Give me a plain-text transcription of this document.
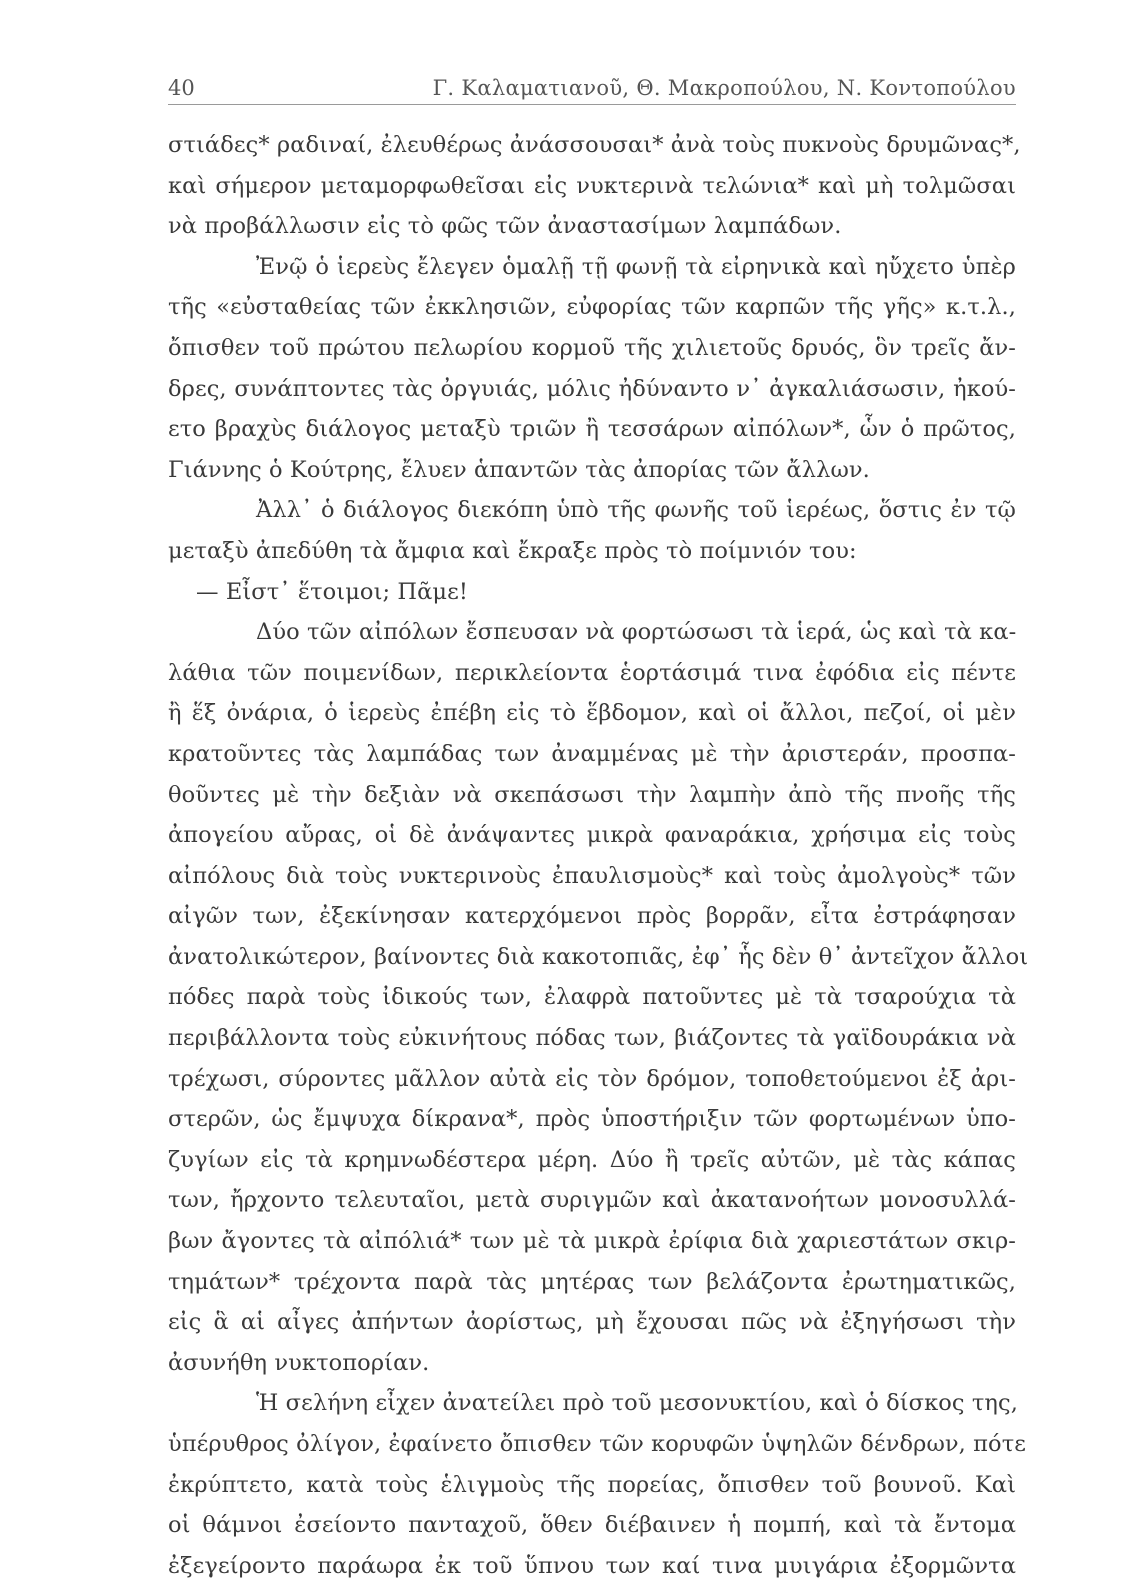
40	Γ. Καλαματιανοῦ, Θ. Μακροπούλου, Ν. Κοντοπούλου
στιάδες* ραδιναί, ἐλευθέρως ἀνάσσουσαι* ἀνὰ τοὺς πυκνοὺς δρυμῶνας*,
καὶ σήμερον μεταμορφωθεῖσαι εἰς νυκτερινὰ τελώνια* καὶ μὴ τολμῶσαι
νὰ προβάλλωσιν εἰς τὸ φῶς τῶν ἀναστασίμων λαμπάδων.
Ἐνῷ ὁ ἱερεὺς ἔλεγεν ὁμαλῇ τῇ φωνῇ τὰ εἰρηνικὰ καὶ ηὔχετο ὑπὲρ
τῆς «εὐσταθείας τῶν ἐκκλησιῶν, εὐφορίας τῶν καρπῶν τῆς γῆς» κ.τ.λ.,
ὄπισθεν τοῦ πρώτου πελωρίου κορμοῦ τῆς χιλιετοῦς δρυός, ὃν τρεῖς ἄν-
δρες, συνάπτοντες τὰς ὀργυιάς, μόλις ἠδύναντο ν᾽ ἀγκαλιάσωσιν, ἠκού-
ετο βραχὺς διάλογος μεταξὺ τριῶν ἢ τεσσάρων αἰπόλων*, ὧν ὁ πρῶτος,
Γιάννης ὁ Κούτρης, ἔλυεν ἁπαντῶν τὰς ἀπορίας τῶν ἄλλων.
Ἀλλ᾽ ὁ διάλογος διεκόπη ὑπὸ τῆς φωνῆς τοῦ ἱερέως, ὅστις ἐν τῷ
μεταξὺ ἀπεδύθη τὰ ἄμφια καὶ ἔκραξε πρὸς τὸ ποίμνιόν του:
— Εἶστ᾽ ἕτοιμοι; Πᾶμε!
Δύο τῶν αἰπόλων ἔσπευσαν νὰ φορτώσωσι τὰ ἱερά, ὡς καὶ τὰ κα-
λάθια τῶν ποιμενίδων, περικλείοντα ἑορτάσιμά τινα ἐφόδια εἰς πέντε
ἢ ἕξ ὀνάρια, ὁ ἱερεὺς ἐπέβη εἰς τὸ ἕβδομον, καὶ οἱ ἄλλοι, πεζοί, οἱ μὲν
κρατοῦντες τὰς λαμπάδας των ἀναμμένας μὲ τὴν ἀριστεράν, προσπα-
θοῦντες μὲ τὴν δεξιὰν νὰ σκεπάσωσι τὴν λαμπὴν ἀπὸ τῆς πνοῆς τῆς
ἀπογείου αὔρας, οἱ δὲ ἀνάψαντες μικρὰ φαναράκια, χρήσιμα εἰς τοὺς
αἰπόλους διὰ τοὺς νυκτερινοὺς ἐπαυλισμοὺς* καὶ τοὺς ἀμολγοὺς* τῶν
αἰγῶν των, ἐξεκίνησαν κατερχόμενοι πρὸς βορρᾶν, εἶτα ἐστράφησαν
ἀνατολικώτερον, βαίνοντες διὰ κακοτοπιᾶς, ἐφ᾽ ἧς δὲν θ᾽ ἀντεῖχον ἄλλοι
πόδες παρὰ τοὺς ἰδικούς των, ἐλαφρὰ πατοῦντες μὲ τὰ τσαρούχια τὰ
περιβάλλοντα τοὺς εὐκινήτους πόδας των, βιάζοντες τὰ γαϊδουράκια νὰ
τρέχωσι, σύροντες μᾶλλον αὐτὰ εἰς τὸν δρόμον, τοποθετούμενοι ἐξ ἀρι-
στερῶν, ὡς ἔμψυχα δίκρανα*, πρὸς ὑποστήριξιν τῶν φορτωμένων ὑπο-
ζυγίων εἰς τὰ κρημνωδέστερα μέρη. Δύο ἢ τρεῖς αὐτῶν, μὲ τὰς κάπας
των, ἤρχοντο τελευταῖοι, μετὰ συριγμῶν καὶ ἀκατανοήτων μονοσυλλά-
βων ἄγοντες τὰ αἰπόλιά* των μὲ τὰ μικρὰ ἐρίφια διὰ χαριεστάτων σκιρ-
τημάτων* τρέχοντα παρὰ τὰς μητέρας των βελάζοντα ἐρωτηματικῶς,
εἰς ἃ αἱ αἶγες ἀπήντων ἀορίστως, μὴ ἔχουσαι πῶς νὰ ἐξηγήσωσι τὴν
ἀσυνήθη νυκτοπορίαν.
Ἡ σελήνη εἶχεν ἀνατείλει πρὸ τοῦ μεσονυκτίου, καὶ ὁ δίσκος της,
ὑπέρυθρος ὀλίγον, ἐφαίνετο ὄπισθεν τῶν κορυφῶν ὑψηλῶν δένδρων, πότε
ἐκρύπτετο, κατὰ τοὺς ἑλιγμοὺς τῆς πορείας, ὄπισθεν τοῦ βουνοῦ. Καὶ
οἱ θάμνοι ἐσείοντο πανταχοῦ, ὅθεν διέβαινεν ἡ πομπή, καὶ τὰ ἔντομα
ἐξεγείροντο παράωρα ἐκ τοῦ ὕπνου των καί τινα μυιγάρια ἐξορμῶντα
